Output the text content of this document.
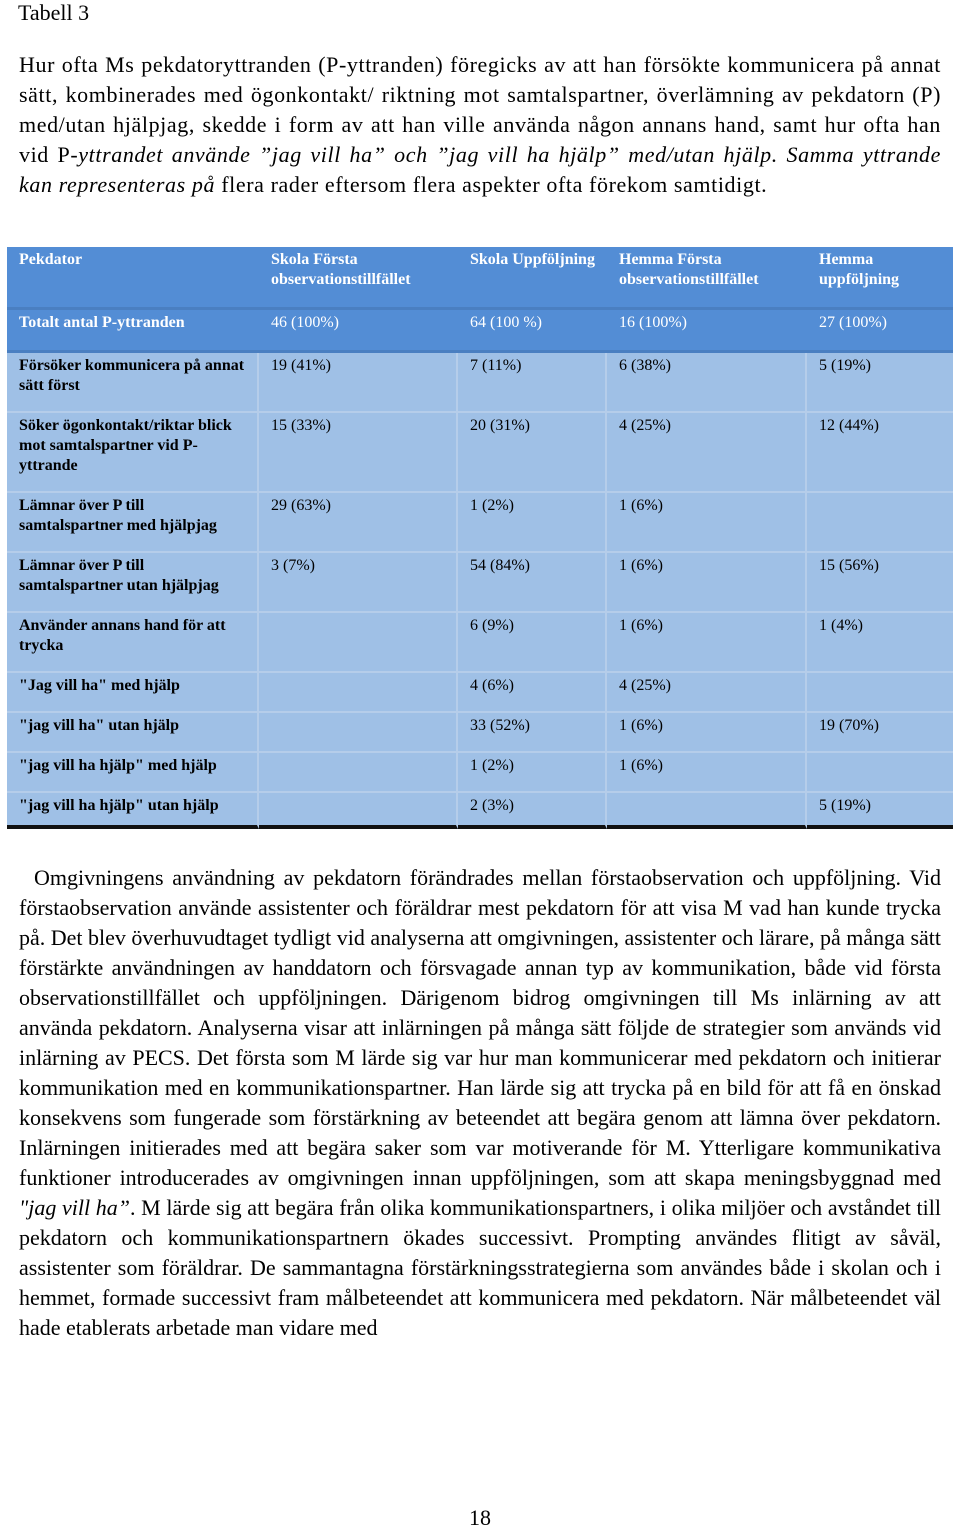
Tabell 3
Hur ofta Ms pekdatoryttranden (P-yttranden) föregicks av att han försökte kommunicera på annat sätt, kombinerades med ögonkontakt/ riktning mot samtalspartner, överlämning av pekdatorn (P) med/utan hjälpjag, skedde i form av att han ville använda någon annans hand, samt hur ofta han vid P-yttrandet använde ”jag vill ha” och ”jag vill ha hjälp” med/utan hjälp. Samma yttrande kan representeras på flera rader eftersom flera aspekter ofta förekom samtidigt.
Pekdator	Skola Första observationstillfället	Skola Uppföljning	Hemma Första observationstillfället	Hemma uppföljning
Totalt antal P-yttranden	46 (100%)	64 (100 %)	16 (100%)	27 (100%)
Försöker kommunicera på annat sätt först	19 (41%)	7 (11%)	6 (38%)	5 (19%)
Söker ögonkontakt/riktar blick mot samtalspartner vid P-yttrande	15 (33%)	20 (31%)	4 (25%)	12 (44%)
Lämnar över P till samtalspartner med hjälpjag	29 (63%)	1 (2%)	1 (6%)	
Lämnar över P till samtalspartner utan hjälpjag	3 (7%)	54 (84%)	1 (6%)	15 (56%)
Använder annans hand för att trycka		6 (9%)	1 (6%)	1 (4%)
"Jag vill ha" med hjälp		4 (6%)	4 (25%)	
"jag vill ha" utan hjälp		33 (52%)	1 (6%)	19 (70%)
"jag vill ha hjälp" med hjälp		1 (2%)	1 (6%)	
"jag vill ha hjälp" utan hjälp		2 (3%)		5 (19%)

Omgivningens användning av pekdatorn förändrades mellan förstaobservation och uppföljning. Vid förstaobservation använde assistenter och föräldrar mest pekdatorn för att visa M vad han kunde trycka på. Det blev överhuvudtaget tydligt vid analyserna att omgivningen, assistenter och lärare, på många sätt förstärkte användningen av handdatorn och försvagade annan typ av kommunikation, både vid första observationstillfället och uppföljningen. Därigenom bidrog omgivningen till Ms inlärning av att använda pekdatorn. Analyserna visar att inlärningen på många sätt följde de strategier som används vid inlärning av PECS. Det första som M lärde sig var hur man kommunicerar med pekdatorn och initierar kommunikation med en kommunikationspartner. Han lärde sig att trycka på en bild för att få en önskad konsekvens som fungerade som förstärkning av beteendet att begära genom att lämna över pekdatorn. Inlärningen initierades med att begära saker som var motiverande för M. Ytterligare kommunikativa funktioner introducerades av omgivningen innan uppföljningen, som att skapa meningsbyggnad med "jag vill ha”. M lärde sig att begära från olika kommunikationspartners, i olika miljöer och avståndet till pekdatorn och kommunikationspartnern ökades successivt. Prompting användes flitigt av såväl, assistenter som föräldrar. De sammantagna förstärkningsstrategierna som användes både i skolan och i hemmet, formade successivt fram målbeteendet att kommunicera med pekdatorn. När målbeteendet väl hade etablerats arbetade man vidare med

18
